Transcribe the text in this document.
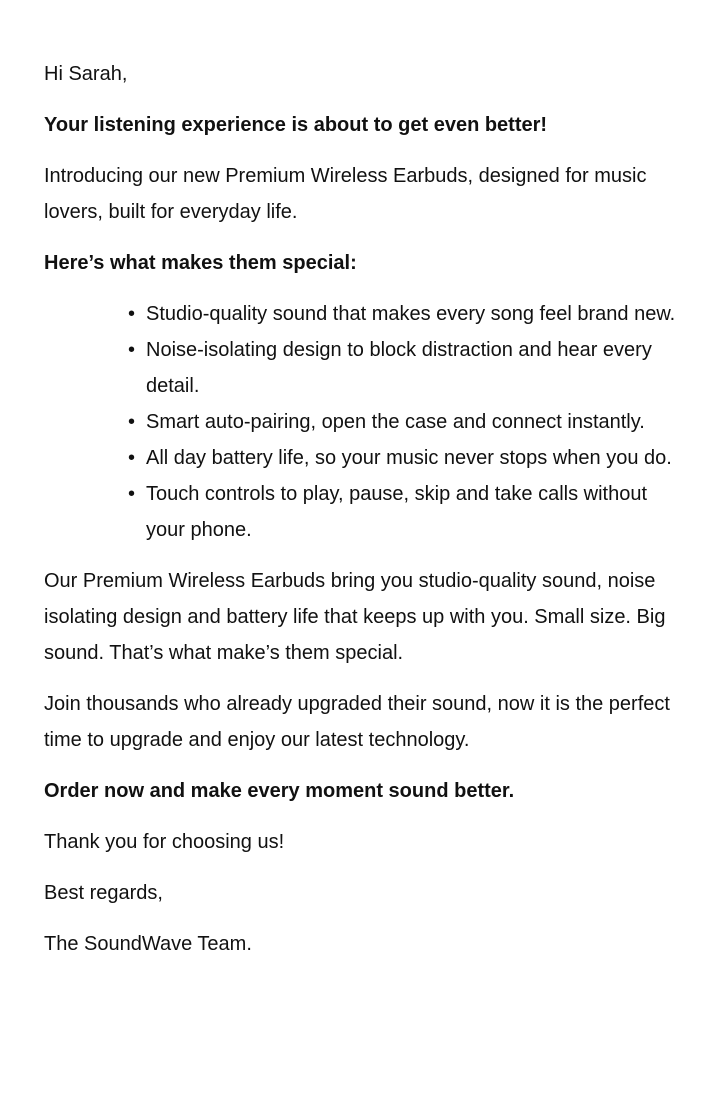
Hi Sarah,

Your listening experience is about to get even better!

Introducing our new Premium Wireless Earbuds, designed for music lovers, built for everyday life.

Here’s what makes them special:

• Studio-quality sound that makes every song feel brand new.
• Noise-isolating design to block distraction and hear every detail.
• Smart auto-pairing, open the case and connect instantly.
• All day battery life, so your music never stops when you do.
• Touch controls to play, pause, skip and take calls without your phone.

Our Premium Wireless Earbuds bring you studio-quality sound, noise isolating design and battery life that keeps up with you. Small size. Big sound. That’s what make’s them special.

Join thousands who already upgraded their sound, now it is the perfect time to upgrade and enjoy our latest technology.

Order now and make every moment sound better.

Thank you for choosing us!

Best regards,

The SoundWave Team.
